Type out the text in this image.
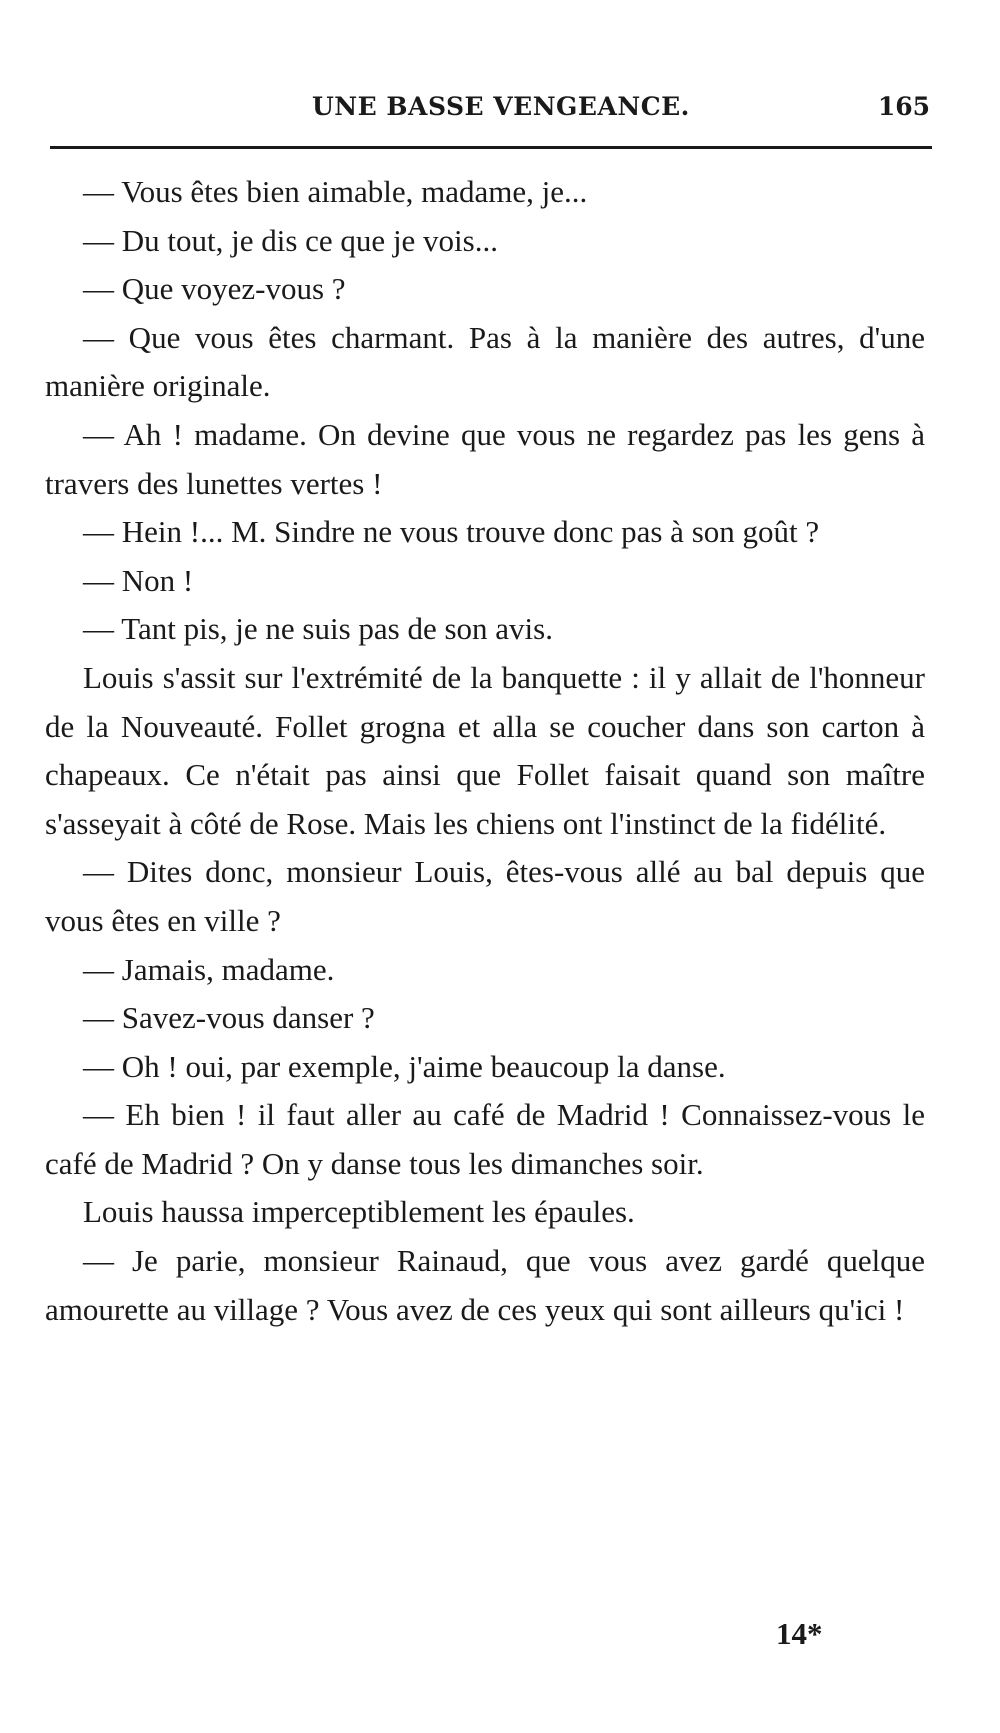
UNE BASSE VENGEANCE.	165

— Vous êtes bien aimable, madame, je...

— Du tout, je dis ce que je vois...

— Que voyez-vous ?

— Que vous êtes charmant. Pas à la manière des autres, d'une manière originale.

— Ah ! madame. On devine que vous ne regardez pas les gens à travers des lunettes vertes !

— Hein !... M. Sindre ne vous trouve donc pas à son goût ?

— Non !

— Tant pis, je ne suis pas de son avis.

Louis s'assit sur l'extrémité de la banquette : il y allait de l'honneur de la Nouveauté. Follet grogna et alla se coucher dans son carton à chapeaux. Ce n'était pas ainsi que Follet faisait quand son maître s'asseyait à côté de Rose. Mais les chiens ont l'instinct de la fidélité.

— Dites donc, monsieur Louis, êtes-vous allé au bal depuis que vous êtes en ville ?

— Jamais, madame.

— Savez-vous danser ?

— Oh ! oui, par exemple, j'aime beaucoup la danse.

— Eh bien ! il faut aller au café de Madrid ! Connaissez-vous le café de Madrid ? On y danse tous les dimanches soir.

Louis haussa imperceptiblement les épaules.

— Je parie, monsieur Rainaud, que vous avez gardé quelque amourette au village ? Vous avez de ces yeux qui sont ailleurs qu'ici !

14*
